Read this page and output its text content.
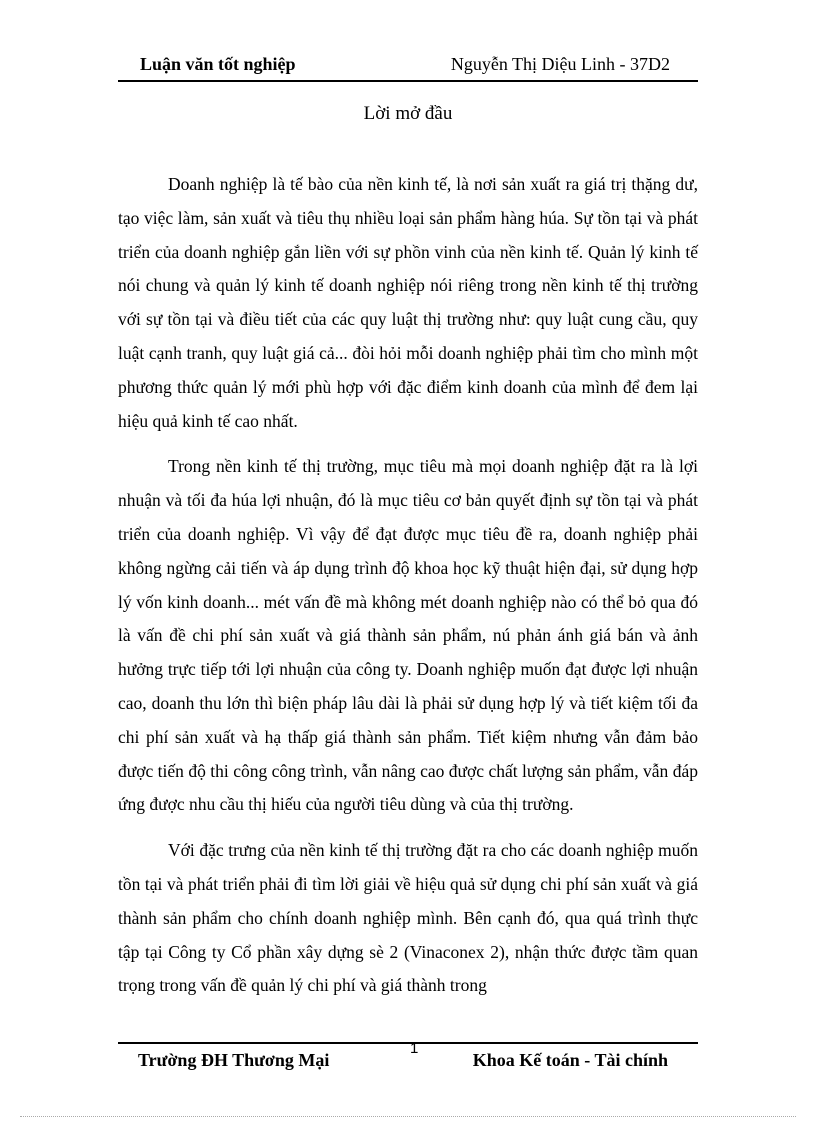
Luận văn tốt nghiệp	Nguyễn Thị Diệu Linh - 37D2
Lời mở đầu

Doanh nghiệp là tế bào của nền kinh tế, là nơi sản xuất ra giá trị thặng dư, tạo việc làm, sản xuất và tiêu thụ nhiều loại sản phẩm hàng húa. Sự tồn tại và phát triển của doanh nghiệp gắn liền với sự phồn vinh của nền kinh tế. Quản lý kinh tế nói chung và quản lý kinh tế doanh nghiệp nói riêng trong nền kinh tế thị trường với sự tồn tại và điều tiết của các quy luật thị trường như: quy luật cung cầu, quy luật cạnh tranh, quy luật giá cả... đòi hỏi mỗi doanh nghiệp phải tìm cho mình một phương thức quản lý mới phù hợp với đặc điểm kinh doanh của mình để đem lại hiệu quả kinh tế cao nhất.

Trong nền kinh tế thị trường, mục tiêu mà mọi doanh nghiệp đặt ra là lợi nhuận và tối đa húa lợi nhuận, đó là mục tiêu cơ bản quyết định sự tồn tại và phát triển của doanh nghiệp. Vì vậy để đạt được mục tiêu đề ra, doanh nghiệp phải không ngừng cải tiến và áp dụng trình độ khoa học kỹ thuật hiện đại, sử dụng hợp lý vốn kinh doanh... mét vấn đề mà không mét doanh nghiệp nào có thể bỏ qua đó là vấn đề chi phí sản xuất và giá thành sản phẩm, nú phản ánh giá bán và ảnh hưởng trực tiếp tới lợi nhuận của công ty. Doanh nghiệp muốn đạt được lợi nhuận cao, doanh thu lớn thì biện pháp lâu dài là phải sử dụng hợp lý và tiết kiệm tối đa chi phí sản xuất và hạ thấp giá thành sản phẩm. Tiết kiệm nhưng vẫn đảm bảo được tiến độ thi công công trình, vẫn nâng cao được chất lượng sản phẩm, vẫn đáp ứng được nhu cầu thị hiếu của người tiêu dùng và của thị trường.

Với đặc trưng của nền kinh tế thị trường đặt ra cho các doanh nghiệp muốn tồn tại và phát triển phải đi tìm lời giải về hiệu quả sử dụng chi phí sản xuất và giá thành sản phẩm cho chính doanh nghiệp mình. Bên cạnh đó, qua quá trình thực tập tại Công ty Cổ phần xây dựng sè 2 (Vinaconex 2), nhận thức được tầm quan trọng trong vấn đề quản lý chi phí và giá thành trong

Trường ĐH Thương Mại
1
Khoa Kế toán - Tài chính
